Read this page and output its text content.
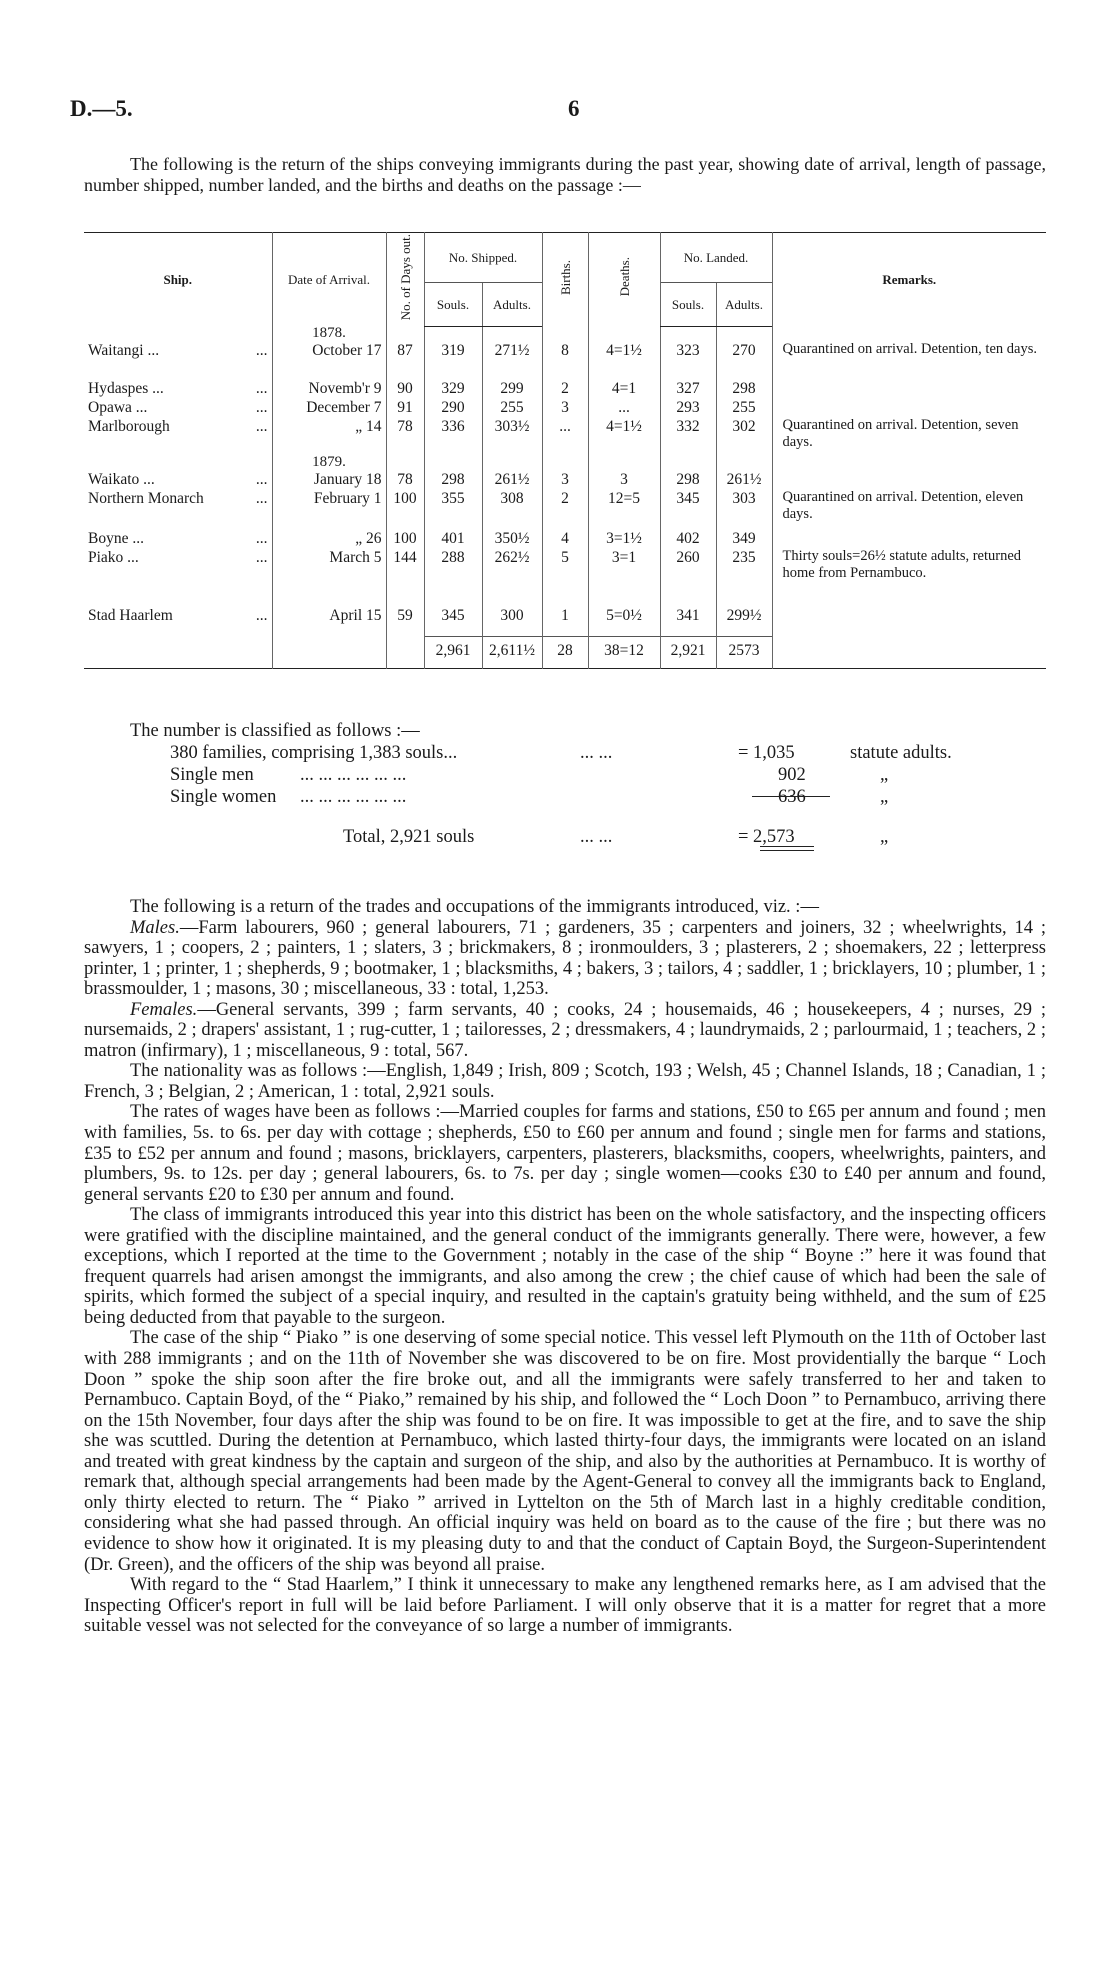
D.—5.	6
The following is the return of the ships conveying immigrants during the past year, showing date of arrival, length of passage, number shipped, number landed, and the births and deaths on the passage :—
Ship.	Date of Arrival.	No. of Days out.	No. Shipped.		Births.	Deaths.	No. Landed.		Remarks.
			Souls.	Adults.			Souls.	Adults.	
	1878.								
Waitangi ... ...	October 17	87	319	271½	8	4=1½	323	270	Quarantined on arrival. Detention, ten days.
Hydaspes ... ...	Novemb'r 9	90	329	299	2	4=1	327	298	
Opawa ... ...	December 7	91	290	255	3	...	293	255	
Marlborough ...	„ 14	78	336	303½	...	4=1½	332	302	Quarantined on arrival. Detention, seven days.
	1879.								
Waikato ... ...	January 18	78	298	261½	3	3	298	261½	
Northern Monarch ...	February 1	100	355	308	2	12=5	345	303	Quarantined on arrival. Detention, eleven days.
Boyne ... ...	„ 26	100	401	350½	4	3=1½	402	349	
Piako ... ...	March 5	144	288	262½	5	3=1	260	235	Thirty souls=26½ statute adults, returned home from Pernambuco.
Stad Haarlem ...	April 15	59	345	300	1	5=0½	341	299½	
			2,961	2,611½	28	38=12	2,921	2573	
The number is classified as follows :—
380 families, comprising 1,383 souls...	... ...	= 1,035	statute adults.
Single men ... ... ... ... ... ...	902	„
Single women ... ... ... ... ... ...	636	„
Total, 2,921 souls	... ...	= 2,573	„

The following is a return of the trades and occupations of the immigrants introduced, viz. :—

Males.—Farm labourers, 960 ; general labourers, 71 ; gardeners, 35 ; carpenters and joiners, 32 ; wheelwrights, 14 ; sawyers, 1 ; coopers, 2 ; painters, 1 ; slaters, 3 ; brickmakers, 8 ; ironmoulders, 3 ; plasterers, 2 ; shoemakers, 22 ; letterpress printer, 1 ; printer, 1 ; shepherds, 9 ; bootmaker, 1 ; blacksmiths, 4 ; bakers, 3 ; tailors, 4 ; saddler, 1 ; bricklayers, 10 ; plumber, 1 ; brassmoulder, 1 ; masons, 30 ; miscellaneous, 33 : total, 1,253.

Females.—General servants, 399 ; farm servants, 40 ; cooks, 24 ; housemaids, 46 ; housekeepers, 4 ; nurses, 29 ; nursemaids, 2 ; drapers' assistant, 1 ; rug-cutter, 1 ; tailoresses, 2 ; dressmakers, 4 ; laundrymaids, 2 ; parlourmaid, 1 ; teachers, 2 ; matron (infirmary), 1 ; miscellaneous, 9 : total, 567.

The nationality was as follows :—English, 1,849 ; Irish, 809 ; Scotch, 193 ; Welsh, 45 ; Channel Islands, 18 ; Canadian, 1 ; French, 3 ; Belgian, 2 ; American, 1 : total, 2,921 souls.

The rates of wages have been as follows :—Married couples for farms and stations, £50 to £65 per annum and found ; men with families, 5s. to 6s. per day with cottage ; shepherds, £50 to £60 per annum and found ; single men for farms and stations, £35 to £52 per annum and found ; masons, bricklayers, carpenters, plasterers, blacksmiths, coopers, wheelwrights, painters, and plumbers, 9s. to 12s. per day ; general labourers, 6s. to 7s. per day ; single women—cooks £30 to £40 per annum and found, general servants £20 to £30 per annum and found.

The class of immigrants introduced this year into this district has been on the whole satisfactory, and the inspecting officers were gratified with the discipline maintained, and the general conduct of the immigrants generally. There were, however, a few exceptions, which I reported at the time to the Government ; notably in the case of the ship “ Boyne :” here it was found that frequent quarrels had arisen amongst the immigrants, and also among the crew ; the chief cause of which had been the sale of spirits, which formed the subject of a special inquiry, and resulted in the captain's gratuity being withheld, and the sum of £25 being deducted from that payable to the surgeon.

The case of the ship “ Piako ” is one deserving of some special notice. This vessel left Plymouth on the 11th of October last with 288 immigrants ; and on the 11th of November she was discovered to be on fire. Most providentially the barque “ Loch Doon ” spoke the ship soon after the fire broke out, and all the immigrants were safely transferred to her and taken to Pernambuco. Captain Boyd, of the “ Piako,” remained by his ship, and followed the “ Loch Doon ” to Pernambuco, arriving there on the 15th November, four days after the ship was found to be on fire. It was impossible to get at the fire, and to save the ship she was scuttled. During the detention at Pernambuco, which lasted thirty-four days, the immigrants were located on an island and treated with great kindness by the captain and surgeon of the ship, and also by the authorities at Pernambuco. It is worthy of remark that, although special arrangements had been made by the Agent-General to convey all the immigrants back to England, only thirty elected to return. The “ Piako ” arrived in Lyttelton on the 5th of March last in a highly creditable condition, considering what she had passed through. An official inquiry was held on board as to the cause of the fire ; but there was no evidence to show how it originated. It is my pleasing duty to and that the conduct of Captain Boyd, the Surgeon-Superintendent (Dr. Green), and the officers of the ship was beyond all praise.

With regard to the “ Stad Haarlem,” I think it unnecessary to make any lengthened remarks here, as I am advised that the Inspecting Officer's report in full will be laid before Parliament. I will only observe that it is a matter for regret that a more suitable vessel was not selected for the conveyance of so large a number of immigrants.
